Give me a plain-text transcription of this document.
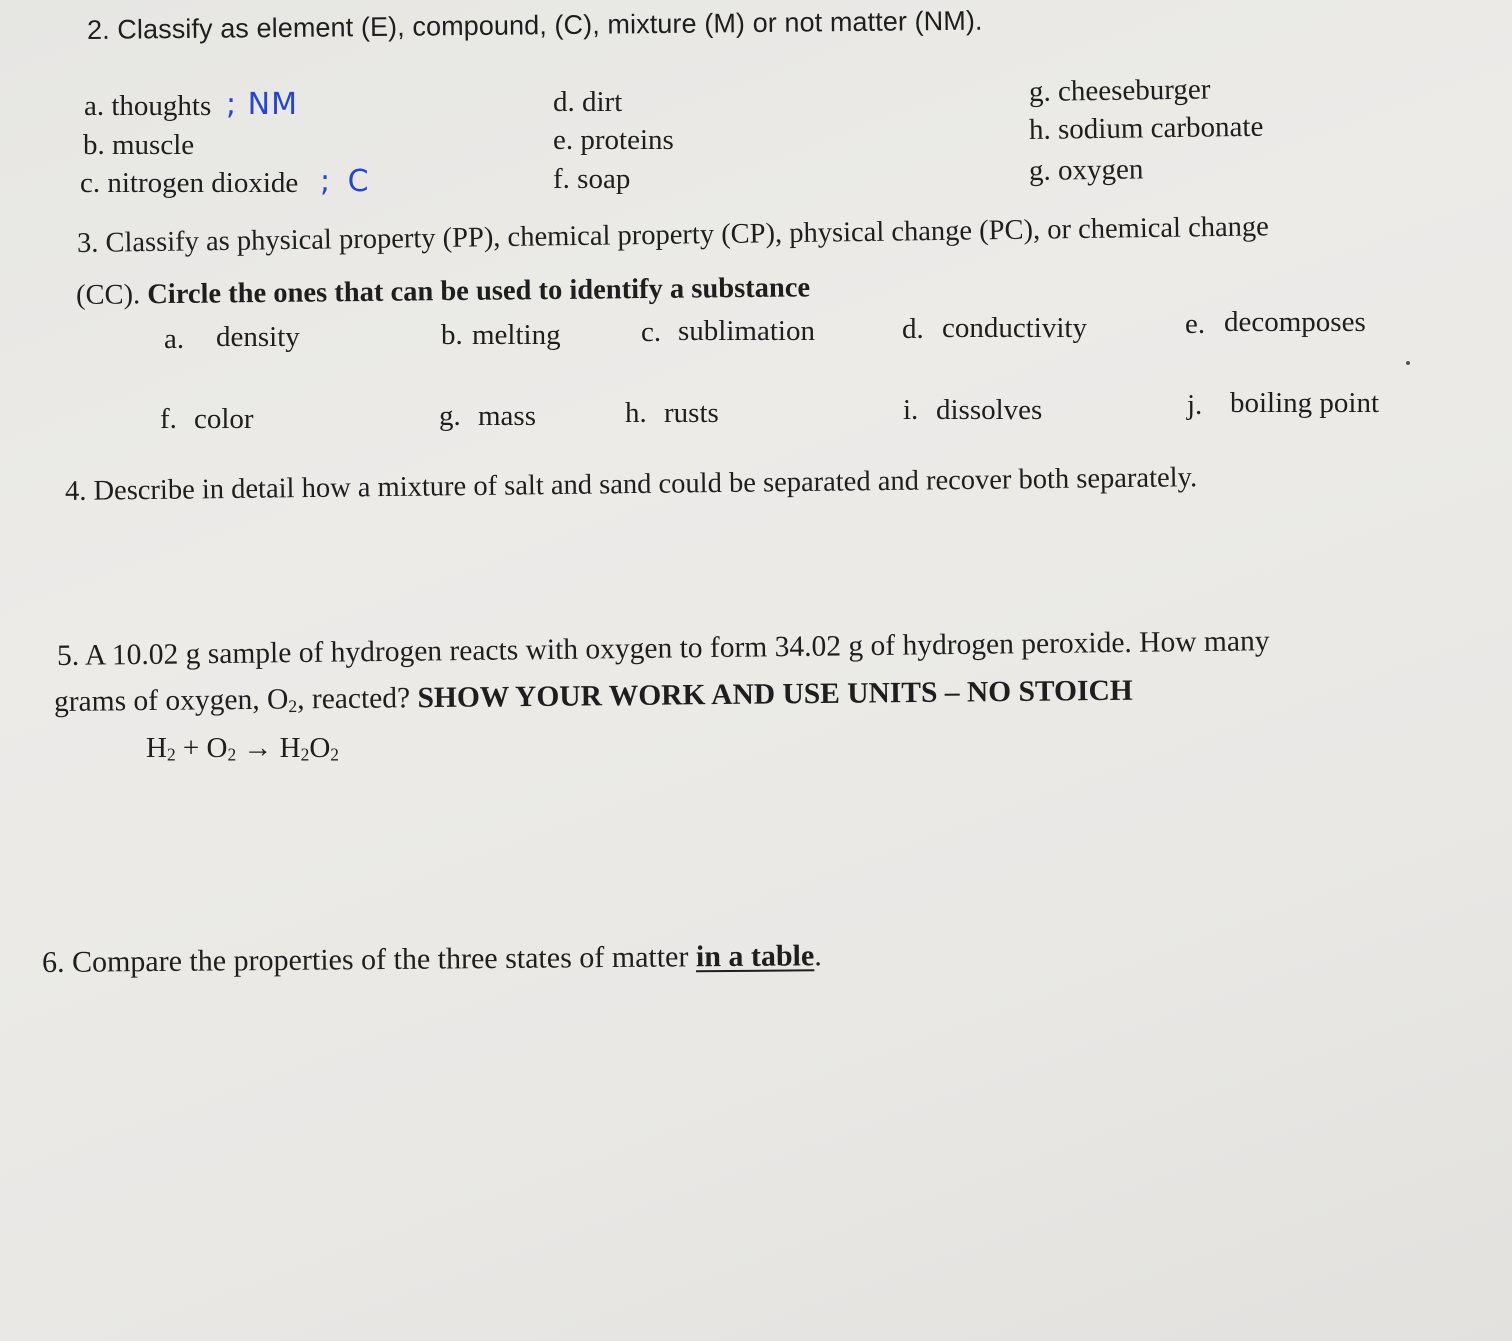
2. Classify as element (E), compound, (C), mixture (M) or not matter (NM).
a. thoughts ; NM
b. muscle
c. nitrogen dioxide ; C
d. dirt
e. proteins
f. soap
g. cheeseburger
h. sodium carbonate
g. oxygen
3. Classify as physical property (PP), chemical property (CP), physical change (PC), or chemical change
(CC). Circle the ones that can be used to identify a substance
a. density	b. melting	c. sublimation	d. conductivity	e. decomposes
f. color	g. mass	h. rusts	i. dissolves	j. boiling point
4. Describe in detail how a mixture of salt and sand could be separated and recover both separately.
5. A 10.02 g sample of hydrogen reacts with oxygen to form 34.02 g of hydrogen peroxide. How many
grams of oxygen, $O_2$, reacted? SHOW YOUR WORK AND USE UNITS – NO STOICH
$H_2 + O_2 \to H_2O_2$
6. Compare the properties of the three states of matter in a table.
